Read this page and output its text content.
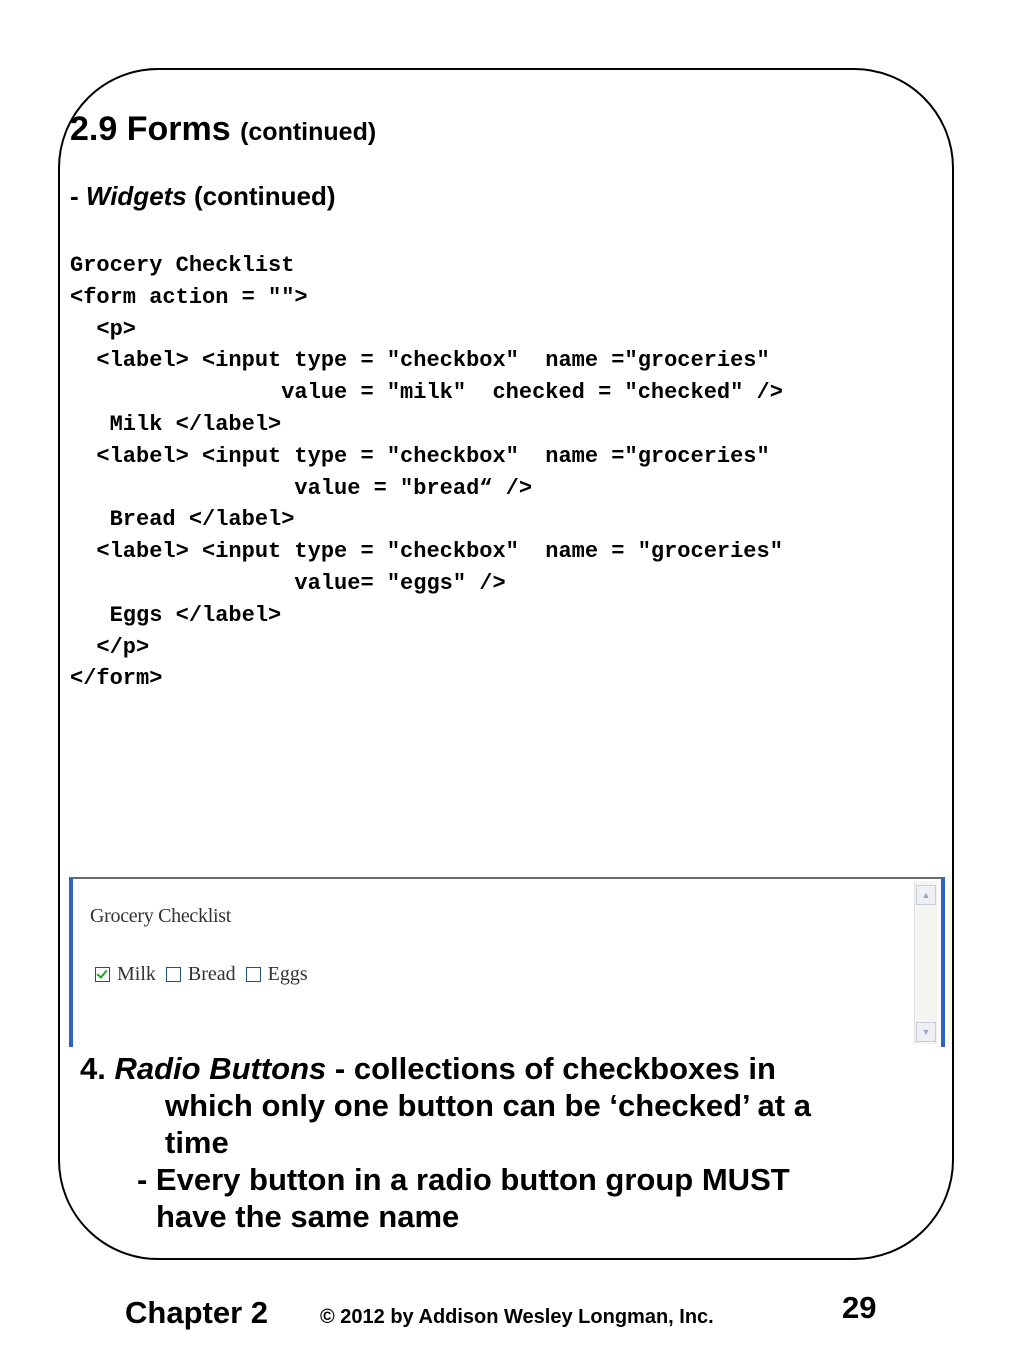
2.9 Forms (continued)

- Widgets (continued)

Grocery Checklist
<form action = "">
<p>
<label> <input type = "checkbox"  name ="groceries"
value = "milk"  checked = "checked" />
Milk </label>
<label> <input type = "checkbox"  name ="groceries"
value = "bread“ />
Bread </label>
<label> <input type = "checkbox"  name = "groceries"
value= "eggs" />
Eggs </label>
</p>
</form>
Grocery Checklist
Milk Bread Eggs
▲
▼
4. Radio Buttons - collections of checkboxes in
which only one button can be ‘checked’ at a
time
- Every button in a radio button group MUST
have the same name
Chapter 2	© 2012 by Addison Wesley Longman, Inc.	29
